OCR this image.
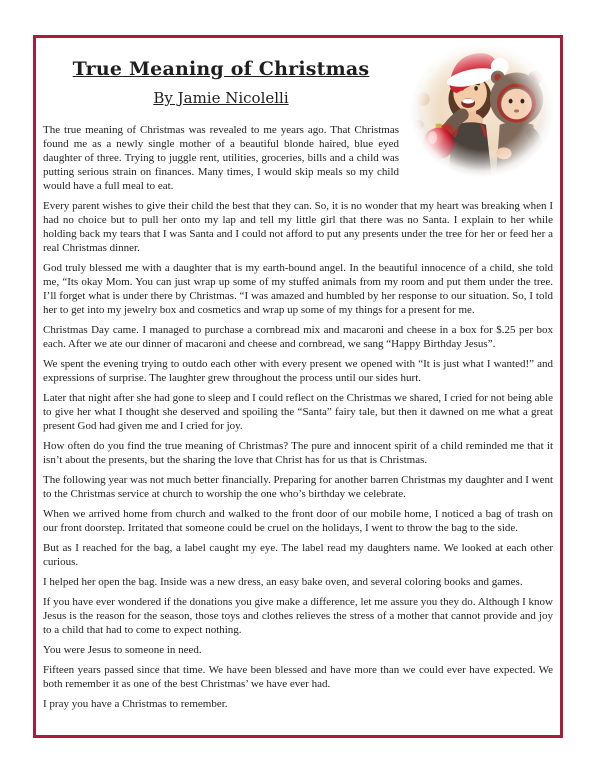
True Meaning of Christmas
By Jamie Nicolelli

The true meaning of Christmas was revealed to me years ago. That Christmas found me as a newly single mother of a beautiful blonde haired, blue eyed daughter of three. Trying to juggle rent, utilities, groceries, bills and a child was putting serious strain on finances. Many times, I would skip meals so my child would have a full meal to eat.

Every parent wishes to give their child the best that they can. So, it is no wonder that my heart was breaking when I had no choice but to pull her onto my lap and tell my little girl that there was no Santa. I explain to her while holding back my tears that I was Santa and I could not afford to put any presents under the tree for her or feed her a real Christmas dinner.

God truly blessed me with a daughter that is my earth-bound angel. In the beautiful innocence of a child, she told me, “Its okay Mom. You can just wrap up some of my stuffed animals from my room and put them under the tree. I’ll forget what is under there by Christmas. “I was amazed and humbled by her response to our situation. So, I told her to get into my jewelry box and cosmetics and wrap up some of my things for a present for me.

Christmas Day came. I managed to purchase a cornbread mix and macaroni and cheese in a box for $.25 per box each. After we ate our dinner of macaroni and cheese and cornbread, we sang “Happy Birthday Jesus”.

We spent the evening trying to outdo each other with every present we opened with “It is just what I wanted!” and expressions of surprise. The laughter grew throughout the process until our sides hurt.

Later that night after she had gone to sleep and I could reflect on the Christmas we shared, I cried for not being able to give her what I thought she deserved and spoiling the “Santa” fairy tale, but then it dawned on me what a great present God had given me and I cried for joy.

How often do you find the true meaning of Christmas? The pure and innocent spirit of a child reminded me that it isn’t about the presents, but the sharing the love that Christ has for us that is Christmas.

The following year was not much better financially. Preparing for another barren Christmas my daughter and I went to the Christmas service at church to worship the one who’s birthday we celebrate.

When we arrived home from church and walked to the front door of our mobile home, I noticed a bag of trash on our front doorstep. Irritated that someone could be cruel on the holidays, I went to throw the bag to the side.

But as I reached for the bag, a label caught my eye. The label read my daughters name. We looked at each other curious.

I helped her open the bag. Inside was a new dress, an easy bake oven, and several coloring books and games.

If you have ever wondered if the donations you give make a difference, let me assure you they do. Although I know Jesus is the reason for the season, those toys and clothes relieves the stress of a mother that cannot provide and joy to a child that had to come to expect nothing.

You were Jesus to someone in need.

Fifteen years passed since that time. We have been blessed and have more than we could ever have expected. We both remember it as one of the best Christmas’ we have ever had.

I pray you have a Christmas to remember.
